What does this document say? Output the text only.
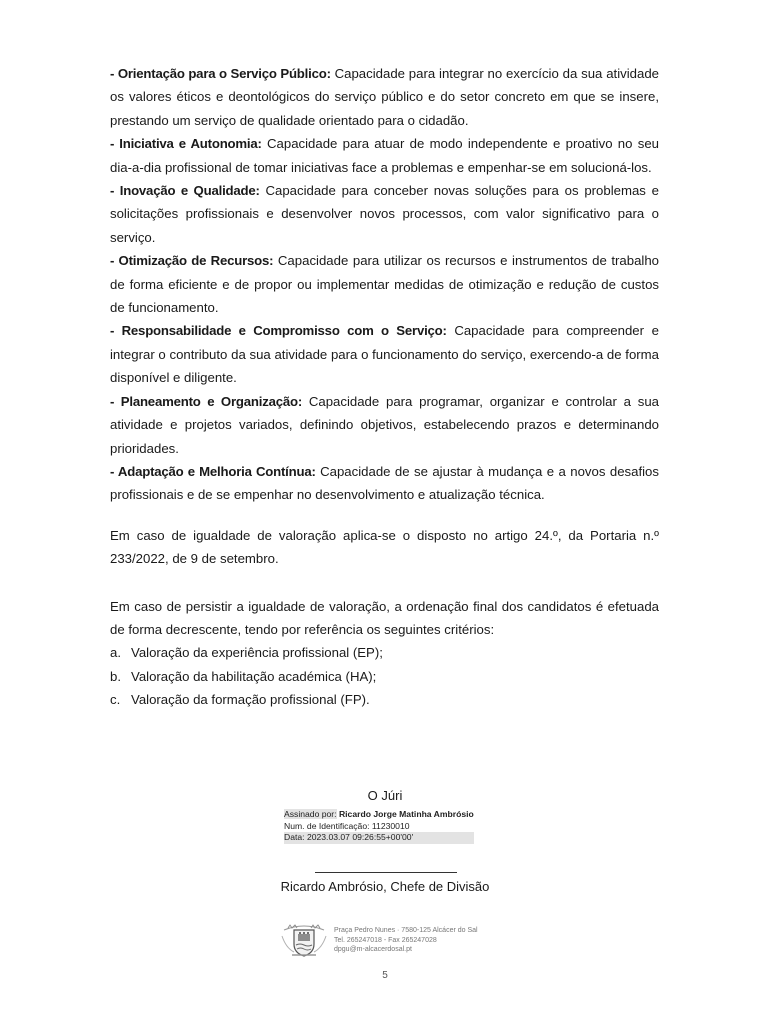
- Orientação para o Serviço Público: Capacidade para integrar no exercício da sua atividade os valores éticos e deontológicos do serviço público e do setor concreto em que se insere, prestando um serviço de qualidade orientado para o cidadão.

- Iniciativa e Autonomia: Capacidade para atuar de modo independente e proativo no seu dia-a-dia profissional de tomar iniciativas face a problemas e empenhar-se em solucioná-los.

- Inovação e Qualidade: Capacidade para conceber novas soluções para os problemas e solicitações profissionais e desenvolver novos processos, com valor significativo para o serviço.

- Otimização de Recursos: Capacidade para utilizar os recursos e instrumentos de trabalho de forma eficiente e de propor ou implementar medidas de otimização e redução de custos de funcionamento.

- Responsabilidade e Compromisso com o Serviço: Capacidade para compreender e integrar o contributo da sua atividade para o funcionamento do serviço, exercendo-a de forma disponível e diligente.

- Planeamento e Organização: Capacidade para programar, organizar e controlar a sua atividade e projetos variados, definindo objetivos, estabelecendo prazos e determinando prioridades.

- Adaptação e Melhoria Contínua: Capacidade de se ajustar à mudança e a novos desafios profissionais e de se empenhar no desenvolvimento e atualização técnica.

Em caso de igualdade de valoração aplica-se o disposto no artigo 24.º, da Portaria n.º 233/2022, de 9 de setembro.

Em caso de persistir a igualdade de valoração, a ordenação final dos candidatos é efetuada de forma decrescente, tendo por referência os seguintes critérios:

a. Valoração da experiência profissional (EP);
b. Valoração da habilitação académica (HA);
c. Valoração da formação profissional (FP).
O Júri
Assinado por: Ricardo Jorge Matinha Ambrósio
Num. de Identificação: 11230010
Data: 2023.03.07 09:26:55+00'00'
Ricardo Ambrósio, Chefe de Divisão
Praça Pedro Nunes · 7580-125 Alcácer do Sal
Tel. 265247018 - Fax 265247028
dpgu@m-alcacerdosal.pt
5
